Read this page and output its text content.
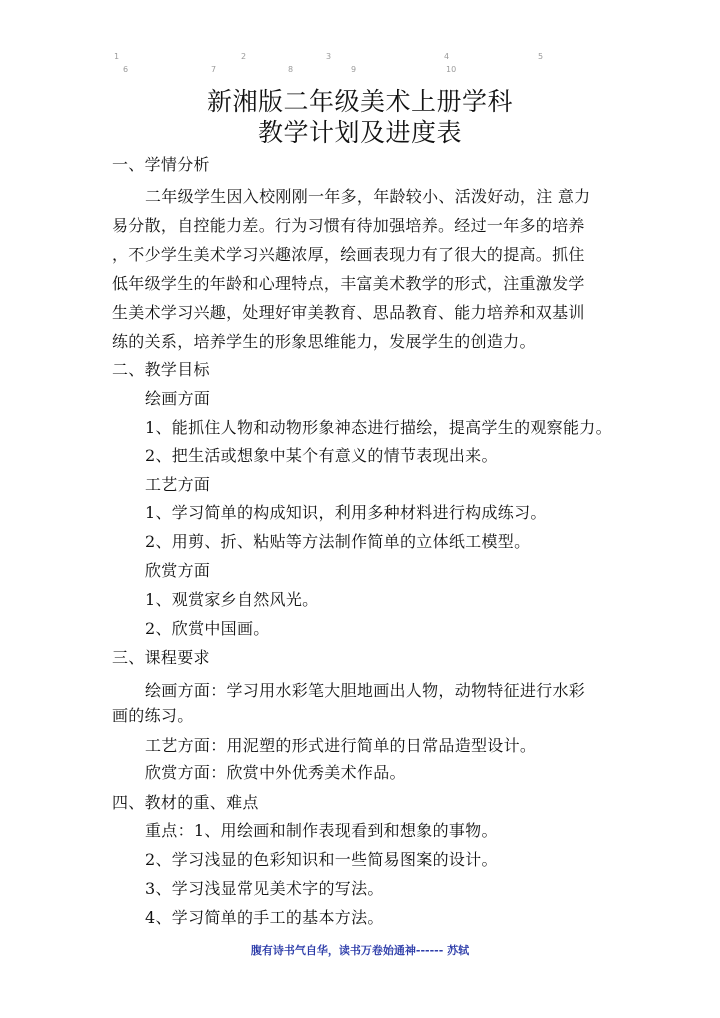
1	2	3	4	5
6	7	8	9	10
新湘版二年级美术上册学科
教学计划及进度表
一、学情分析
二年级学生因入校刚刚一年多，年龄较小、活泼好动，注 意力
易分散，自控能力差。行为习惯有待加强培养。经过一年多的培养
，不少学生美术学习兴趣浓厚，绘画表现力有了很大的提高。抓住
低年级学生的年龄和心理特点，丰富美术教学的形式，注重激发学
生美术学习兴趣，处理好审美教育、思品教育、能力培养和双基训
练的关系，培养学生的形象思维能力，发展学生的创造力。
二、教学目标
绘画方面
1、能抓住人物和动物形象神态进行描绘，提高学生的观察能力。
2、把生活或想象中某个有意义的情节表现出来。
工艺方面
1、学习简单的构成知识，利用多种材料进行构成练习。
2、用剪、折、粘贴等方法制作简单的立体纸工模型。
欣赏方面
1、观赏家乡自然风光。
2、欣赏中国画。
三、课程要求
绘画方面：学习用水彩笔大胆地画出人物，动物特征进行水彩
画的练习。
工艺方面：用泥塑的形式进行简单的日常品造型设计。
欣赏方面：欣赏中外优秀美术作品。
四、教材的重、难点
重点：1、用绘画和制作表现看到和想象的事物。
2、学习浅显的色彩知识和一些简易图案的设计。
3、学习浅显常见美术字的写法。
4、学习简单的手工的基本方法。
腹有诗书气自华，读书万卷始通神------ 苏轼
